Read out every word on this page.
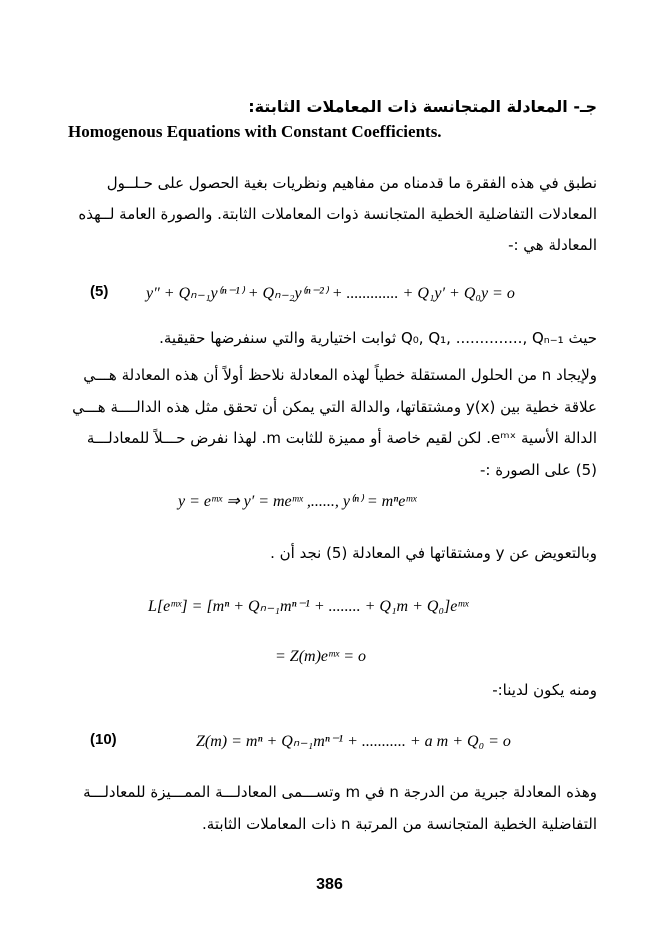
جـ- المعادلة المتجانسة ذات المعاملات الثابتة:
Homogenous Equations with Constant Coefficients.
نطبق في هذه الفقرة ما قدمناه من مفاهيم ونظريات بغية الحصول على حـلــول
المعادلات التفاضلية الخطية المتجانسة ذوات المعاملات الثابتة. والصورة العامة لــهذه
المعادلة هي :-
(5) y″ + Qₙ₋₁y⁽ⁿ⁻¹⁾ + Qₙ₋₂y⁽ⁿ⁻²⁾ + ............. + Q₁y′ + Q₀y = o
حيث Q₀, Q₁, .............., Qₙ₋₁ ثوابت اختيارية والتي سنفرضها حقيقية.
ولإيجاد n من الحلول المستقلة خطياً لهذه المعادلة نلاحظ أولاً أن هذه المعادلة هـــي
علاقة خطية بين y(x) ومشتقاتها، والدالة التي يمكن أن تحقق مثل هذه الدالــــة هـــي
الدالة الأسية eᵐˣ. لكن لقيم خاصة أو مميزة للثابت m. لهذا نفرض حـــلاً للمعادلـــة
(5) على الصورة :-
y = eᵐˣ ⇒ y′ = meᵐˣ ,......, y⁽ⁿ⁾ = mⁿeᵐˣ
وبالتعويض عن y ومشتقاتها في المعادلة (5) نجد أن .
L[eᵐˣ] = [mⁿ + Qₙ₋₁mⁿ⁻¹ + ........ + Q₁m + Q₀]eᵐˣ
= Z(m)eᵐˣ = o
ومنه يكون لدينا:-
(10)	Z(m) = mⁿ + Qₙ₋₁mⁿ⁻¹ + ........... + a m + Q₀ = o
وهذه المعادلة جبرية من الدرجة n في m وتســـمى المعادلـــة الممـــيزة للمعادلـــة
التفاضلية الخطية المتجانسة من المرتبة n ذات المعاملات الثابتة.
386
